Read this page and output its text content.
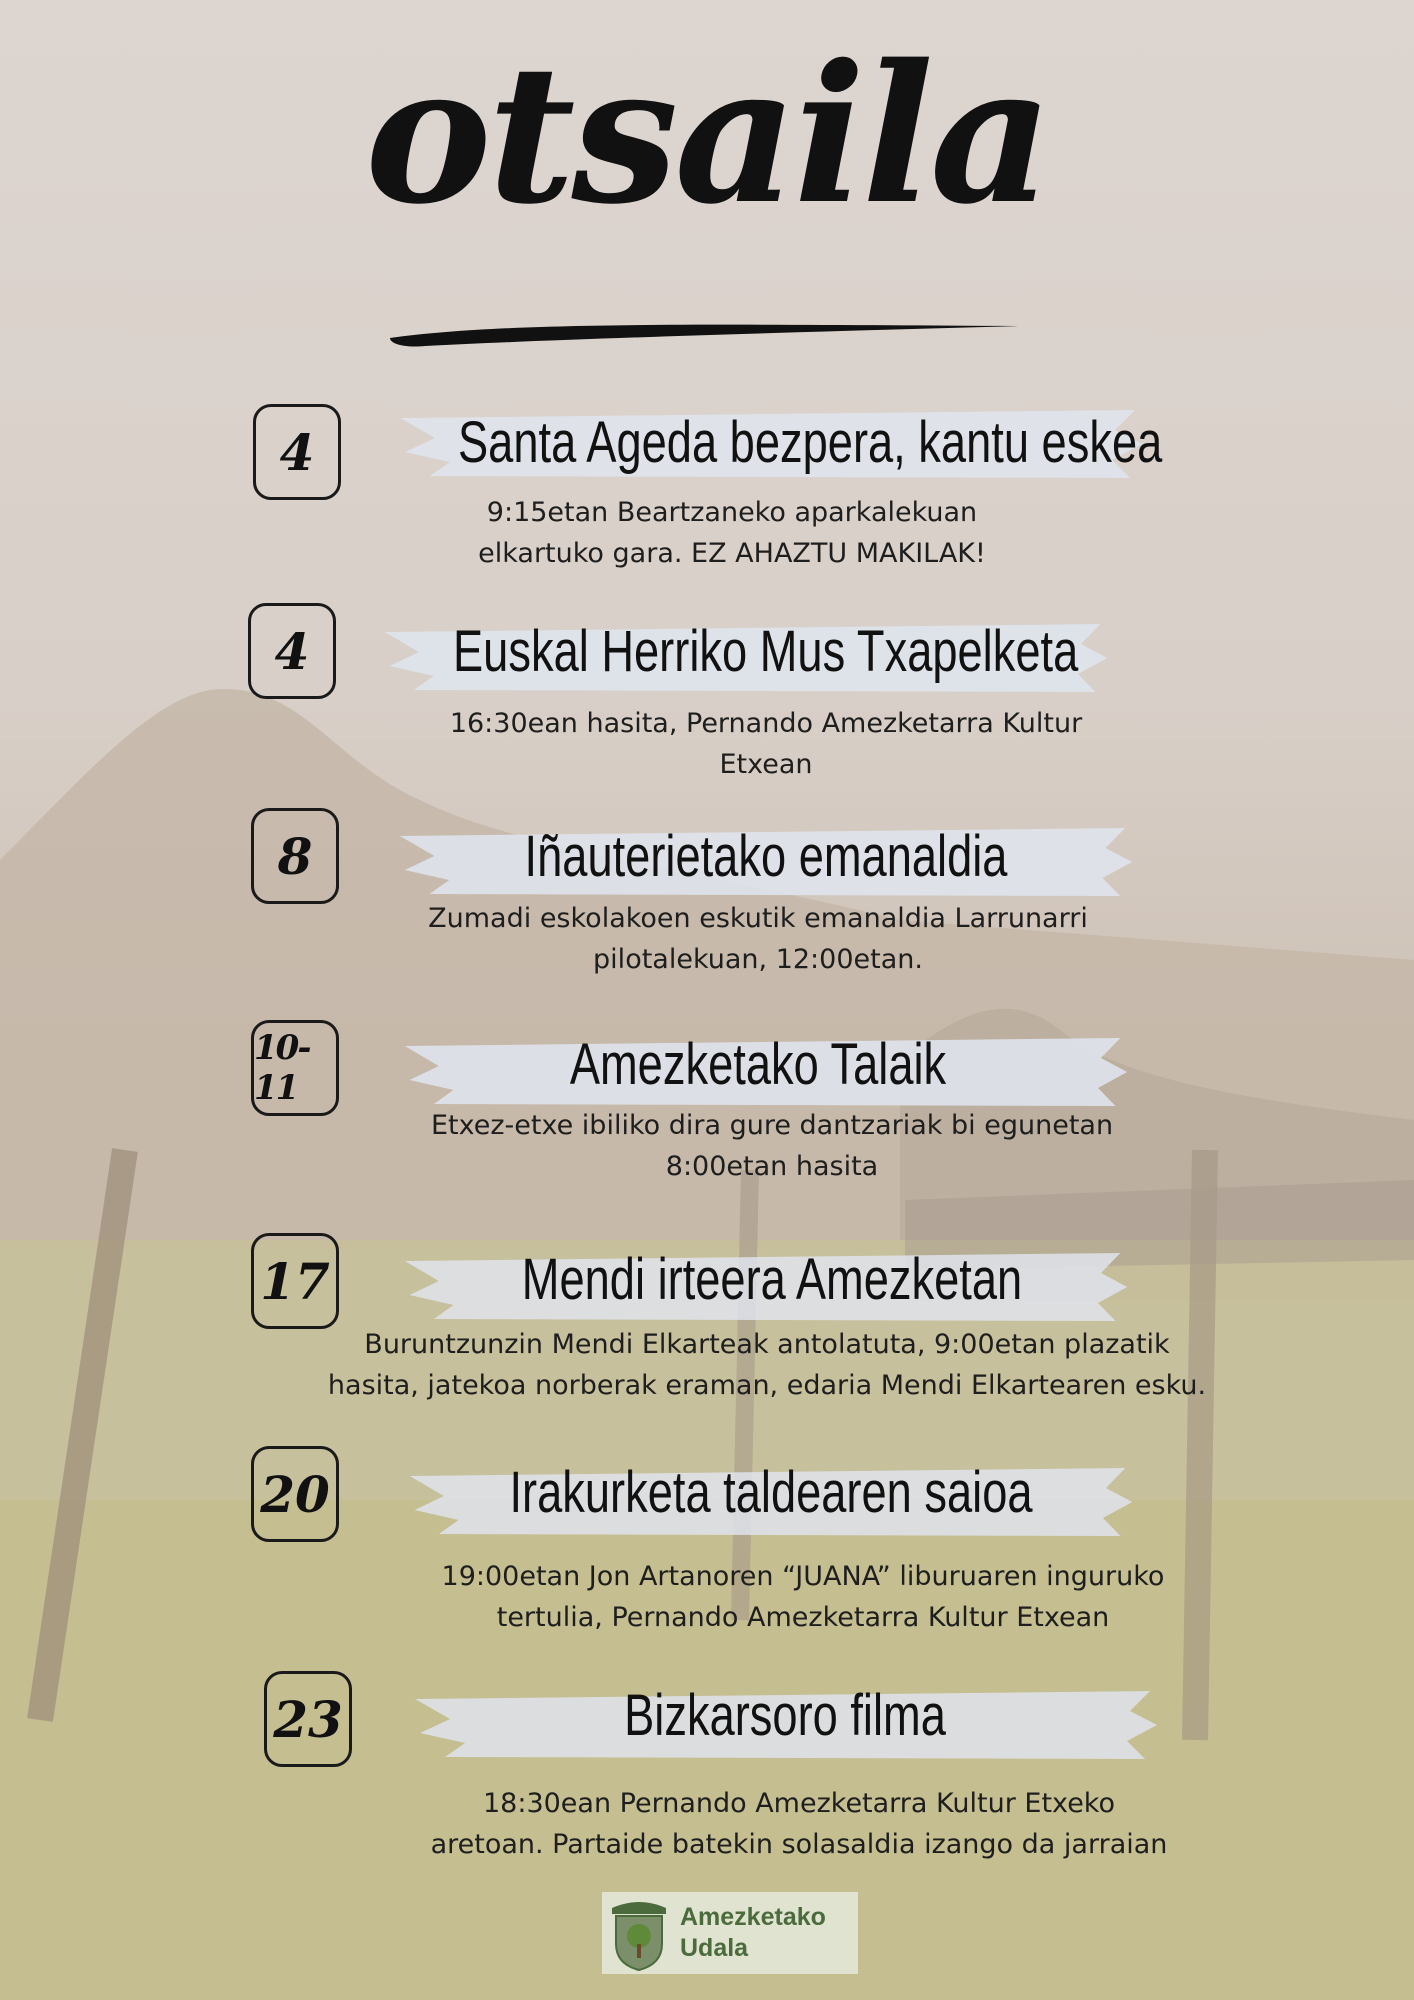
otsaila
4	Santa Ageda bezpera, kantu eskea
9:15etan Beartzaneko aparkalekuan
elkartuko gara. EZ AHAZTU MAKILAK!
4	Euskal Herriko Mus Txapelketa
16:30ean hasita, Pernando Amezketarra Kultur
Etxean
8	Iñauterietako emanaldia
Zumadi eskolakoen eskutik emanaldia Larrunarri
pilotalekuan, 12:00etan.
10-11	Amezketako Talaik
Etxez-etxe ibiliko dira gure dantzariak bi egunetan
8:00etan hasita
17	Mendi irteera Amezketan
Buruntzunzin Mendi Elkarteak antolatuta, 9:00etan plazatik
hasita, jatekoa norberak eraman, edaria Mendi Elkartearen esku.
20	Irakurketa taldearen saioa
19:00etan Jon Artanoren “JUANA” liburuaren inguruko
tertulia, Pernando Amezketarra Kultur Etxean
23	Bizkarsoro filma
18:30ean Pernando Amezketarra Kultur Etxeko
aretoan. Partaide batekin solasaldia izango da jarraian
Amezketako
Udala
